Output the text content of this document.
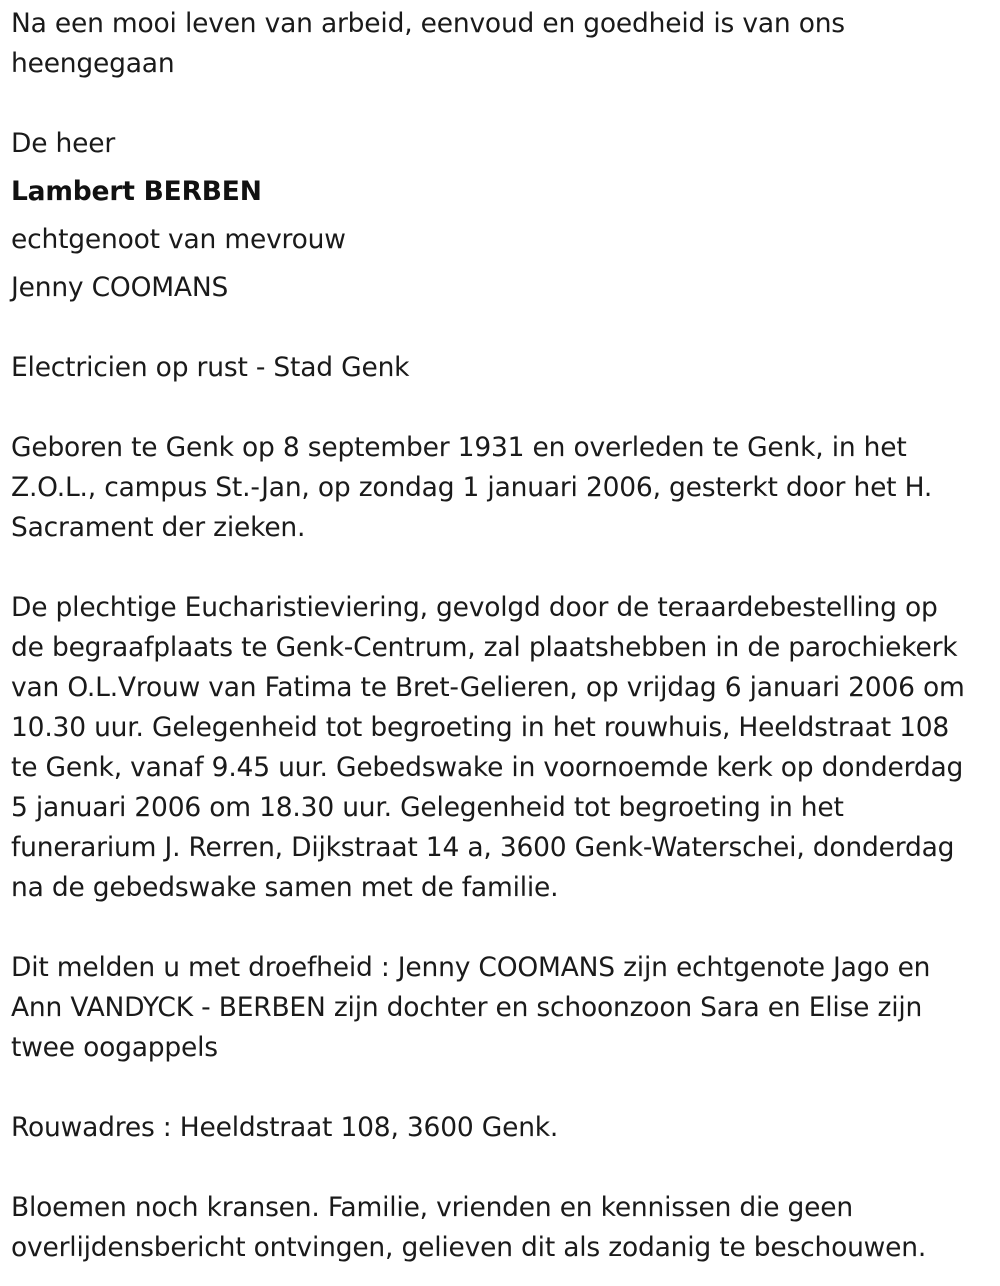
Na een mooi leven van arbeid, eenvoud en goedheid is van ons
heengegaan

De heer

Lambert BERBEN

echtgenoot van mevrouw

Jenny COOMANS

Electricien op rust - Stad Genk

Geboren te Genk op 8 september 1931 en overleden te Genk, in het
Z.O.L., campus St.-Jan, op zondag 1 januari 2006, gesterkt door het H.
Sacrament der zieken.

De plechtige Eucharistieviering, gevolgd door de teraardebestelling op
de begraafplaats te Genk-Centrum, zal plaatshebben in de parochiekerk
van O.L.Vrouw van Fatima te Bret-Gelieren, op vrijdag 6 januari 2006 om
10.30 uur. Gelegenheid tot begroeting in het rouwhuis, Heeldstraat 108
te Genk, vanaf 9.45 uur. Gebedswake in voornoemde kerk op donderdag
5 januari 2006 om 18.30 uur. Gelegenheid tot begroeting in het
funerarium J. Rerren, Dijkstraat 14 a, 3600 Genk-Waterschei, donderdag
na de gebedswake samen met de familie.

Dit melden u met droefheid : Jenny COOMANS zijn echtgenote Jago en
Ann VANDYCK - BERBEN zijn dochter en schoonzoon Sara en Elise zijn
twee oogappels

Rouwadres : Heeldstraat 108, 3600 Genk.

Bloemen noch kransen. Familie, vrienden en kennissen die geen
overlijdensbericht ontvingen, gelieven dit als zodanig te beschouwen.
